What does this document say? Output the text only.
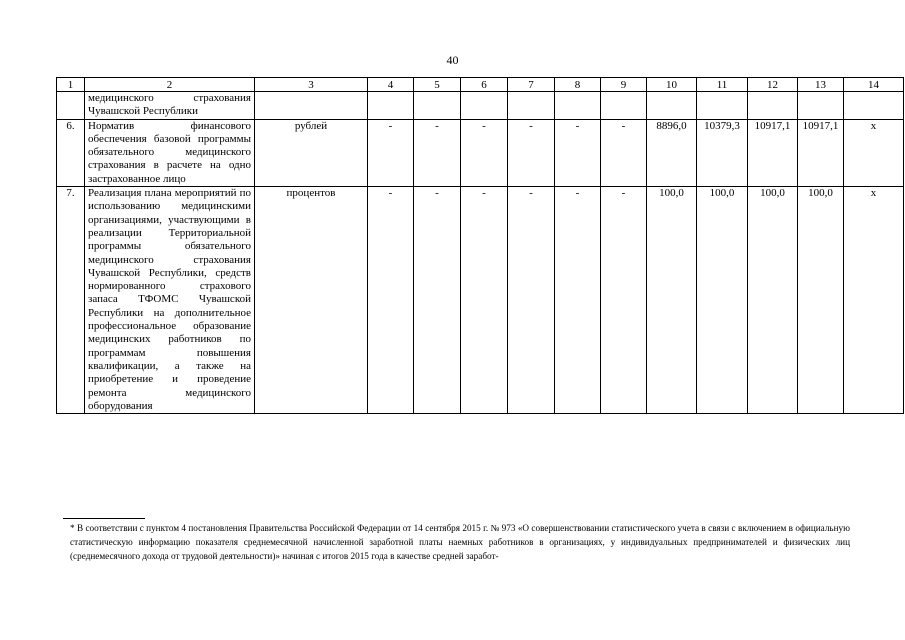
40
1	2	3	4	5	6	7	8	9	10	11	12	13	14
	медицинского страхования Чувашской Республики												
6.	Норматив финансового обеспечения базовой программы обязательного медицинского страхования в расчете на одно застрахованное лицо	рублей	-	-	-	-	-	-	8896,0	10379,3	10917,1	10917,1	x
7.	Реализация плана мероприятий по использованию медицинскими организациями, участвующими в реализации Территориальной программы обязательного медицинского страхования Чувашской Республики, средств нормированного страхового запаса ТФОМС Чувашской Республики на дополнительное профессиональное образование медицинских работников по программам повышения квалификации, а также на приобретение и проведение ремонта медицинского оборудования	процентов	-	-	-	-	-	-	100,0	100,0	100,0	100,0	x
* В соответствии с пунктом 4 постановления Правительства Российской Федерации от 14 сентября 2015 г. № 973 «О совершенствовании статистического учета в связи с включением в официальную статистическую информацию показателя среднемесячной начисленной заработной платы наемных работников в организациях, у индивидуальных предпринимателей и физических лиц (среднемесячного дохода от трудовой деятельности)» начиная с итогов 2015 года в качестве средней заработ-
